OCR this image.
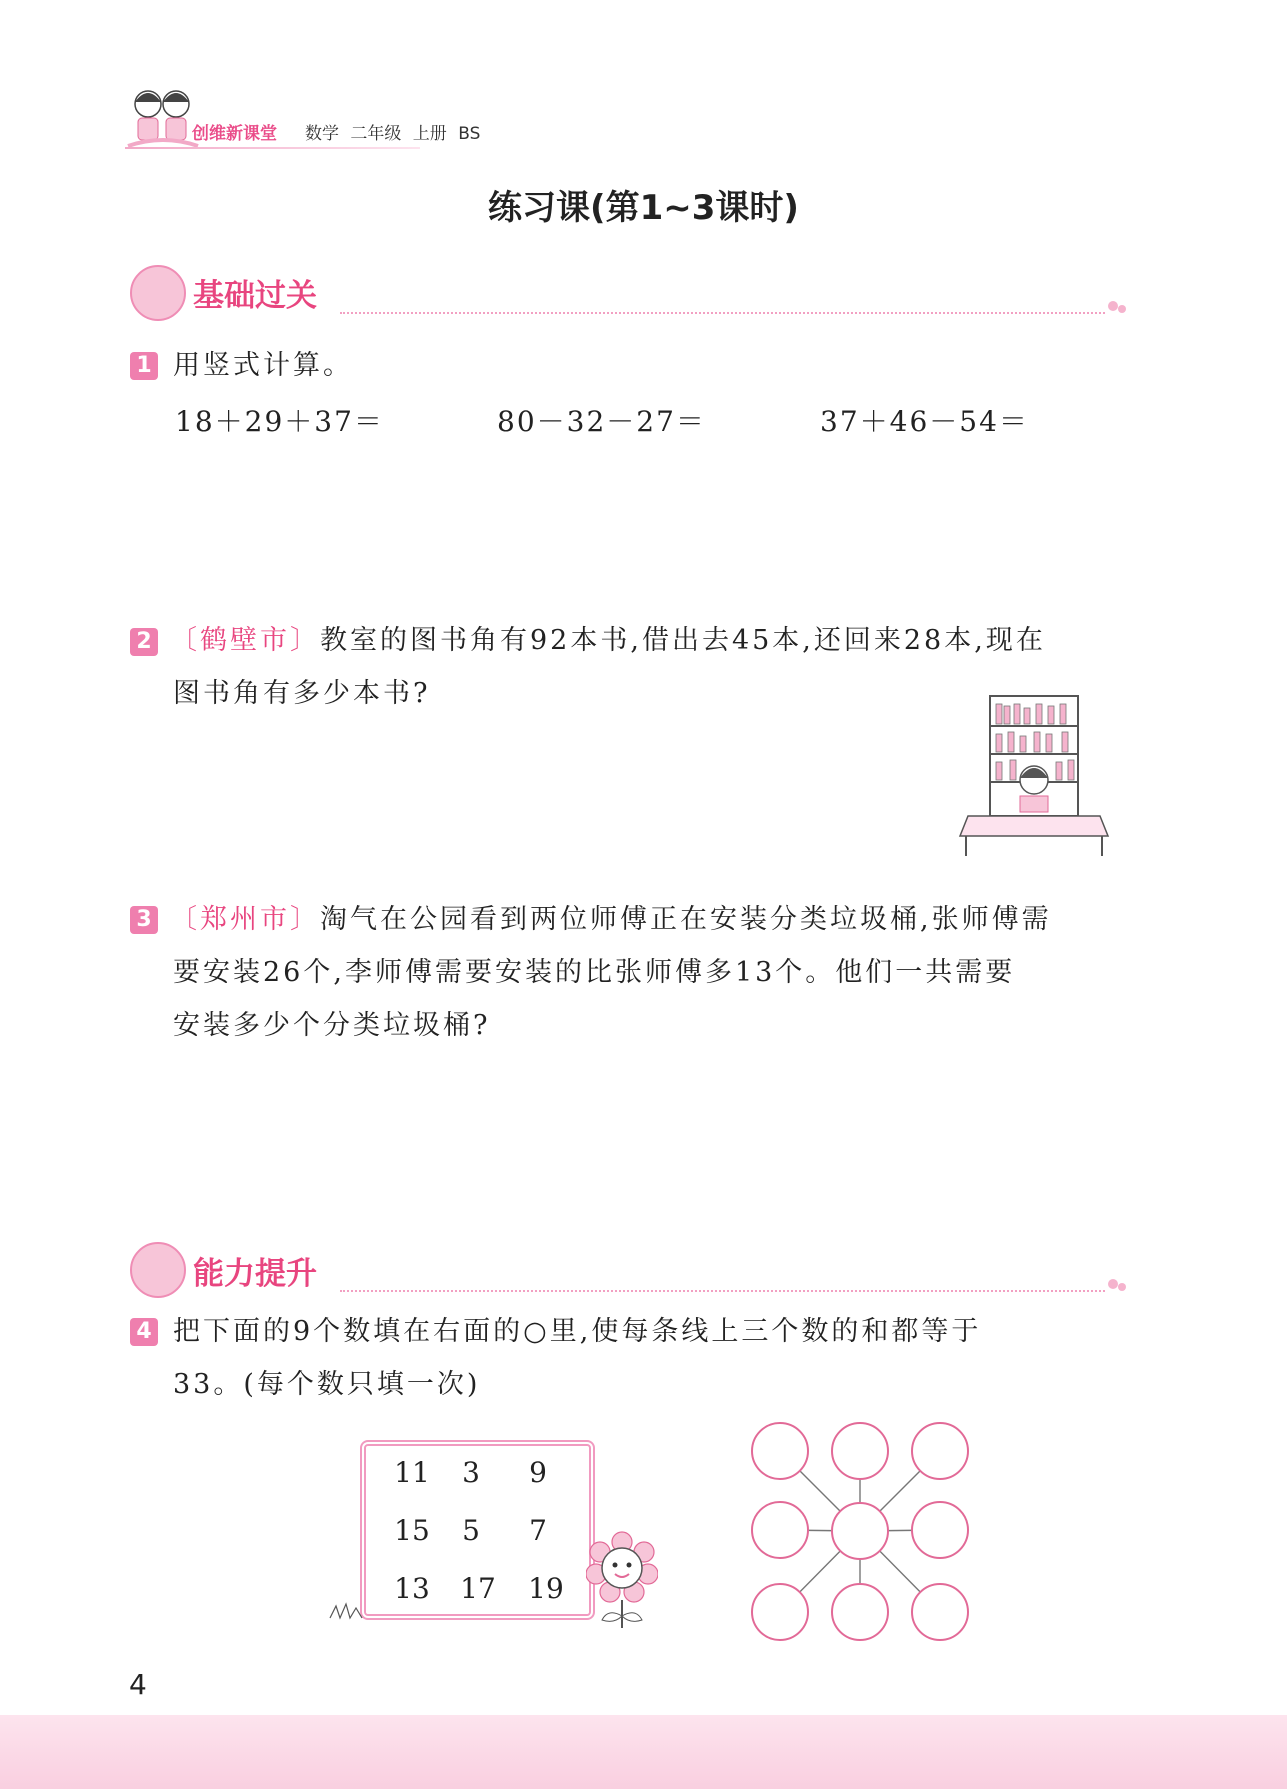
创维新课堂 数学 二年级 上册 BS
练习课(第1~3课时)
基础过关
1 用竖式计算。
18＋29＋37＝	80－32－27＝	37＋46－54＝
2 〔鹤壁市〕教室的图书角有92本书,借出去45本,还回来28本,现在
图书角有多少本书?
3 〔郑州市〕淘气在公园看到两位师傅正在安装分类垃圾桶,张师傅需
要安装26个,李师傅需要安装的比张师傅多13个。他们一共需要
安装多少个分类垃圾桶?
能力提升
4 把下面的9个数填在右面的○里,使每条线上三个数的和都等于
33。(每个数只填一次)
11	3	9
15	5	7
13	17	19
4
